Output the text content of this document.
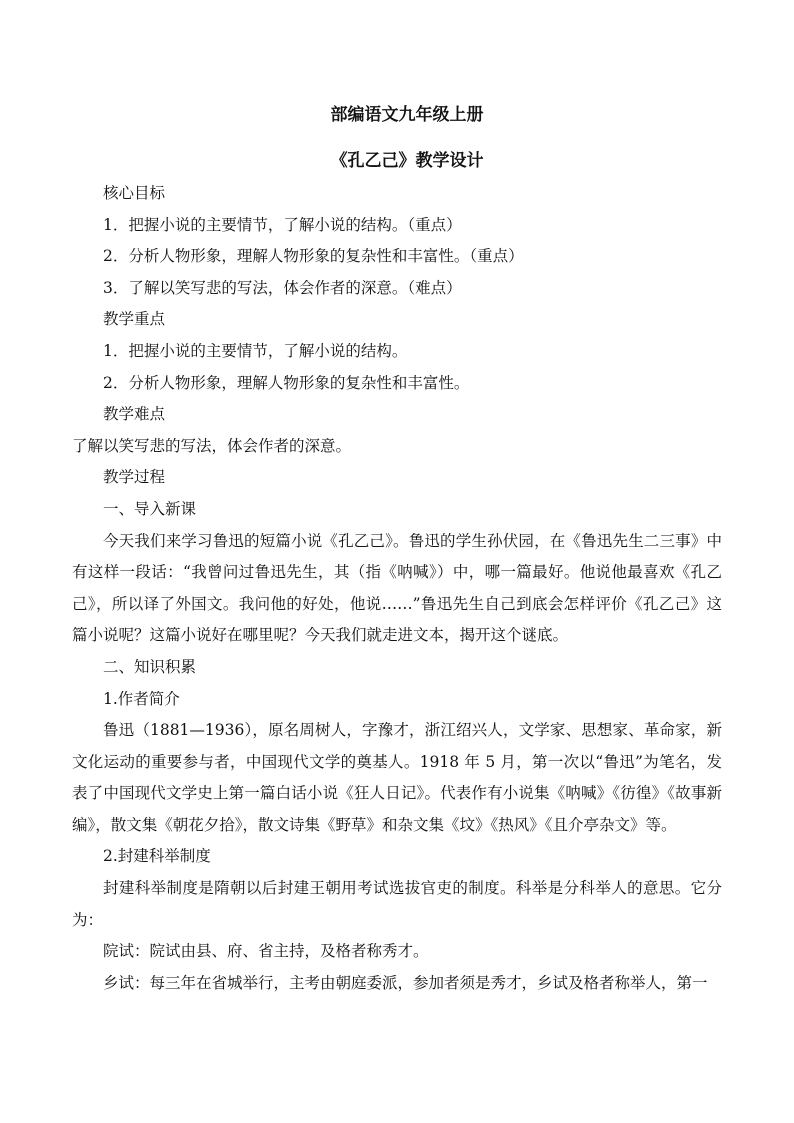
部编语文九年级上册

《孔乙己》教学设计

核心目标

1．把握小说的主要情节，了解小说的结构。（重点）

2．分析人物形象，理解人物形象的复杂性和丰富性。（重点）

3．了解以笑写悲的写法，体会作者的深意。（难点）

教学重点

1．把握小说的主要情节，了解小说的结构。

2．分析人物形象，理解人物形象的复杂性和丰富性。

教学难点

了解以笑写悲的写法，体会作者的深意。

教学过程

一、导入新课

今天我们来学习鲁迅的短篇小说《孔乙己》。鲁迅的学生孙伏园，在《鲁迅先生二三事》中有这样一段话：“我曾问过鲁迅先生，其（指《呐喊》）中，哪一篇最好。他说他最喜欢《孔乙己》，所以译了外国文。我问他的好处，他说……”鲁迅先生自己到底会怎样评价《孔乙己》这篇小说呢？这篇小说好在哪里呢？今天我们就走进文本，揭开这个谜底。

二、知识积累

1.作者简介

鲁迅（1881—1936），原名周树人，字豫才，浙江绍兴人，文学家、思想家、革命家，新文化运动的重要参与者，中国现代文学的奠基人。1918 年 5 月，第一次以“鲁迅”为笔名，发表了中国现代文学史上第一篇白话小说《狂人日记》。代表作有小说集《呐喊》《彷徨》《故事新编》，散文集《朝花夕拾》，散文诗集《野草》和杂文集《坟》《热风》《且介亭杂文》等。

2.封建科举制度

封建科举制度是隋朝以后封建王朝用考试选拔官吏的制度。科举是分科举人的意思。它分为：

院试：院试由县、府、省主持，及格者称秀才。

乡试：每三年在省城举行，主考由朝庭委派，参加者须是秀才，乡试及格者称举人，第一
